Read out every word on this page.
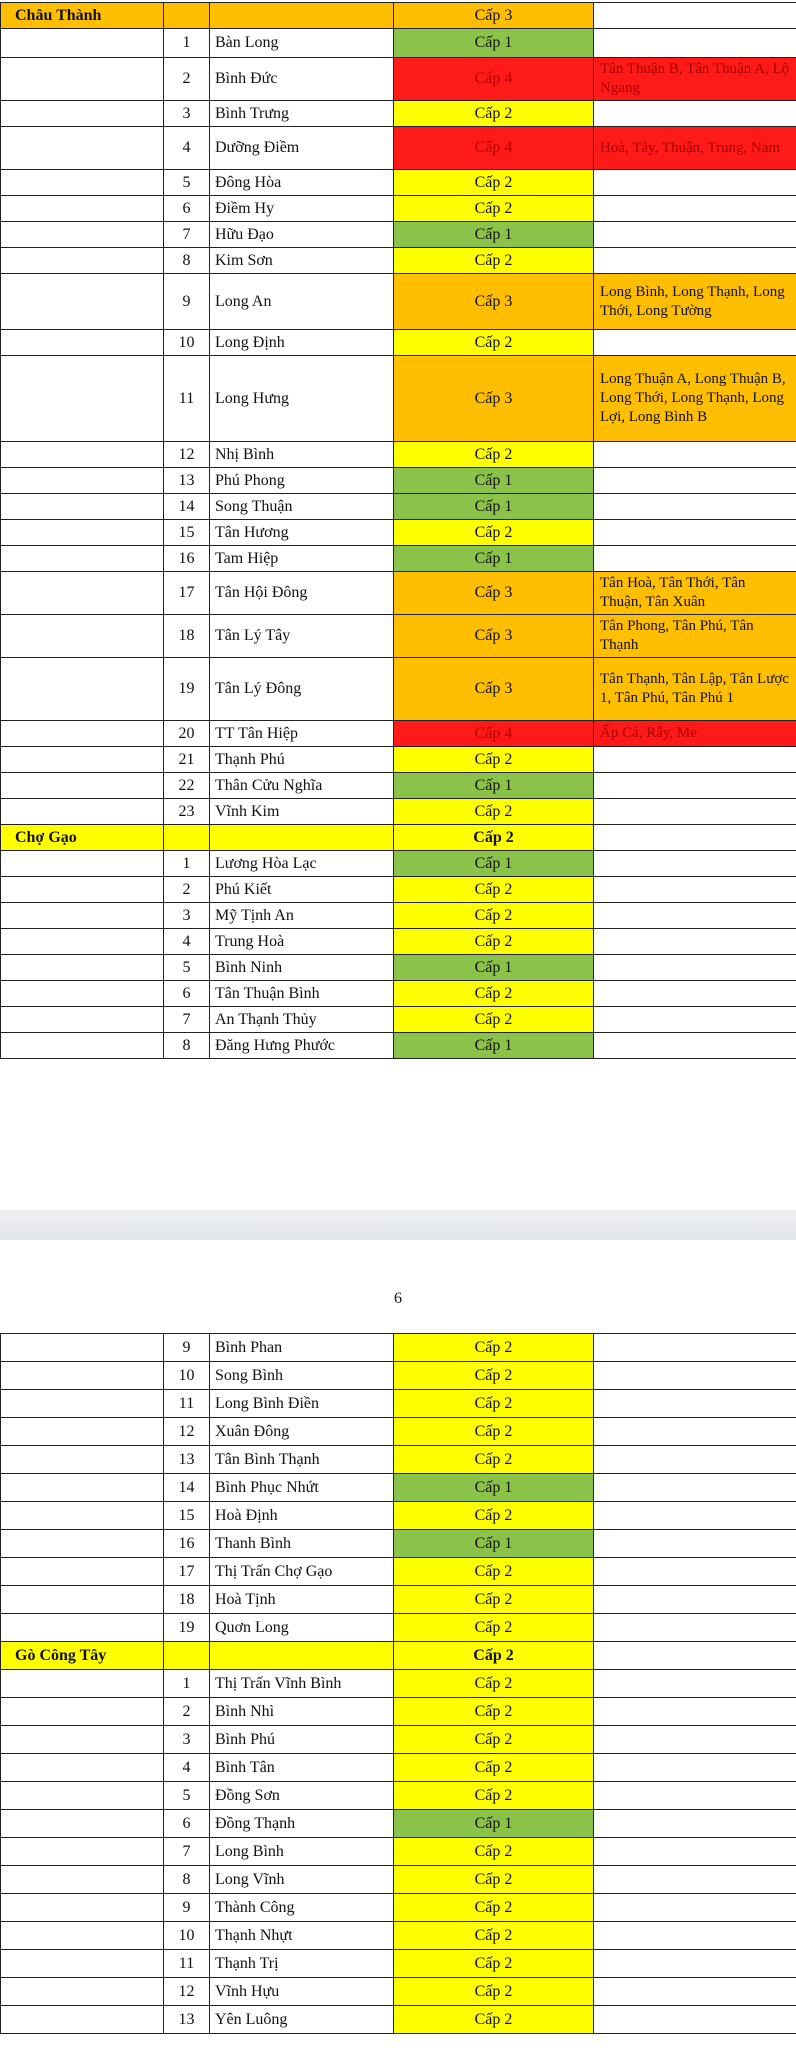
Châu Thành			Cấp 3	
	1	Bàn Long	Cấp 1	
	2	Bình Đức	Cấp 4	Tân Thuận B, Tân Thuận A, Lộ Ngang
	3	Bình Trưng	Cấp 2	
	4	Dưỡng Điềm	Cấp 4	Hoà, Tây, Thuận, Trung, Nam
	5	Đông Hòa	Cấp 2	
	6	Điềm Hy	Cấp 2	
	7	Hữu Đạo	Cấp 1	
	8	Kim Sơn	Cấp 2	
	9	Long An	Cấp 3	Long Bình, Long Thạnh, Long Thới, Long Tường
	10	Long Định	Cấp 2	
	11	Long Hưng	Cấp 3	Long Thuận A, Long Thuận B, Long Thới, Long Thạnh, Long Lợi, Long Bình B
	12	Nhị Bình	Cấp 2	
	13	Phú Phong	Cấp 1	
	14	Song Thuận	Cấp 1	
	15	Tân Hương	Cấp 2	
	16	Tam Hiệp	Cấp 1	
	17	Tân Hội Đông	Cấp 3	Tân Hoà, Tân Thới, Tân Thuận, Tân Xuân
	18	Tân Lý Tây	Cấp 3	Tân Phong, Tân Phú, Tân Thạnh
	19	Tân Lý Đông	Cấp 3	Tân Thạnh, Tân Lập, Tân Lược 1, Tân Phú, Tân Phú 1
	20	TT Tân Hiệp	Cấp 4	Ấp Cá, Rẫy, Me
	21	Thạnh Phú	Cấp 2	
	22	Thân Cửu Nghĩa	Cấp 1	
	23	Vĩnh Kim	Cấp 2	
Chợ Gạo			Cấp 2	
	1	Lương Hòa Lạc	Cấp 1	
	2	Phú Kiết	Cấp 2	
	3	Mỹ Tịnh An	Cấp 2	
	4	Trung Hoà	Cấp 2	
	5	Bình Ninh	Cấp 1	
	6	Tân Thuận Bình	Cấp 2	
	7	An Thạnh Thủy	Cấp 2	
	8	Đăng Hưng Phước	Cấp 1	
6
	9	Bình Phan	Cấp 2	
	10	Song Bình	Cấp 2	
	11	Long Bình Điền	Cấp 2	
	12	Xuân Đông	Cấp 2	
	13	Tân Bình Thạnh	Cấp 2	
	14	Bình Phục Nhứt	Cấp 1	
	15	Hoà Định	Cấp 2	
	16	Thanh Bình	Cấp 1	
	17	Thị Trấn Chợ Gạo	Cấp 2	
	18	Hoà Tịnh	Cấp 2	
	19	Quơn Long	Cấp 2	
Gò Công Tây			Cấp 2	
	1	Thị Trấn Vĩnh Bình	Cấp 2	
	2	Bình Nhì	Cấp 2	
	3	Bình Phú	Cấp 2	
	4	Bình Tân	Cấp 2	
	5	Đồng Sơn	Cấp 2	
	6	Đồng Thạnh	Cấp 1	
	7	Long Bình	Cấp 2	
	8	Long Vĩnh	Cấp 2	
	9	Thành Công	Cấp 2	
	10	Thạnh Nhựt	Cấp 2	
	11	Thạnh Trị	Cấp 2	
	12	Vĩnh Hựu	Cấp 2	
	13	Yên Luông	Cấp 2	
